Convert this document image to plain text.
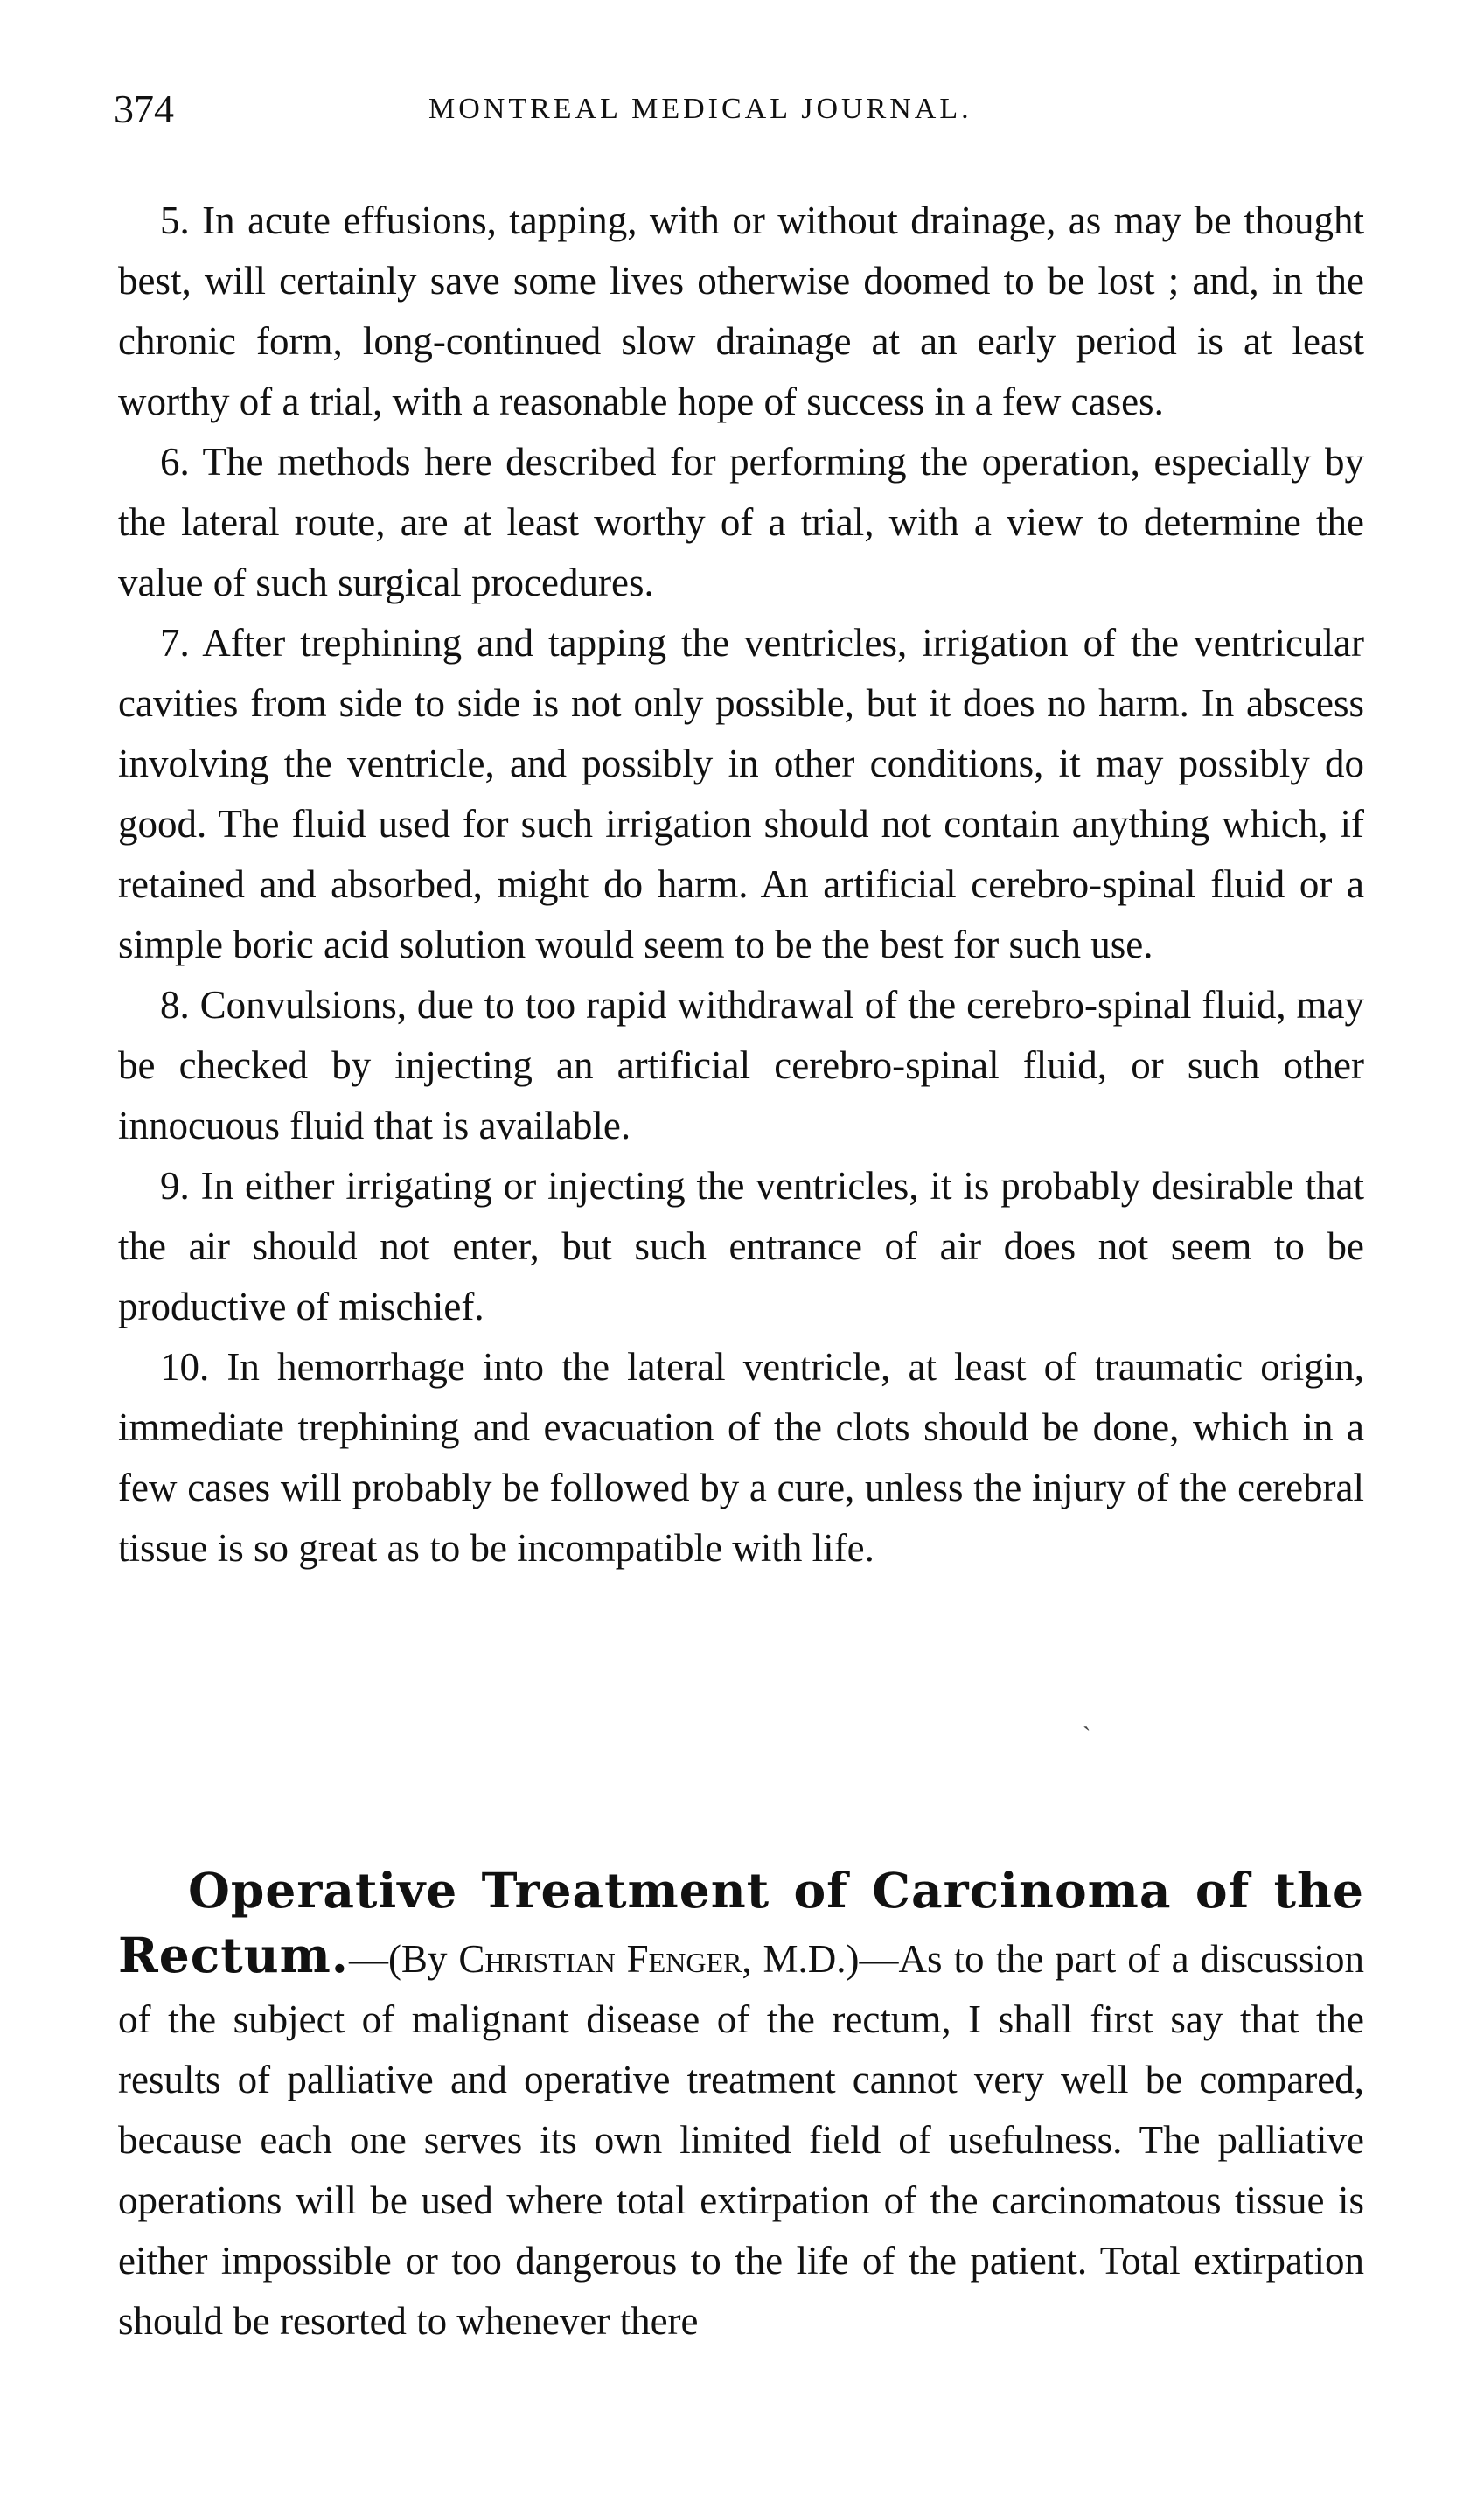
374	MONTREAL MEDICAL JOURNAL.

5. In acute effusions, tapping, with or without drainage, as may be thought best, will certainly save some lives otherwise doomed to be lost ; and, in the chronic form, long-continued slow drainage at an early period is at least worthy of a trial, with a reasonable hope of success in a few cases.

6. The methods here described for performing the operation, especially by the lateral route, are at least worthy of a trial, with a view to determine the value of such surgical procedures.

7. After trephining and tapping the ventricles, irrigation of the ventricular cavities from side to side is not only possible, but it does no harm. In abscess involving the ventricle, and possibly in other conditions, it may possibly do good. The fluid used for such irrigation should not contain anything which, if retained and absorbed, might do harm. An artificial cerebro-spinal fluid or a simple boric acid solution would seem to be the best for such use.

8. Convulsions, due to too rapid withdrawal of the cerebro-spinal fluid, may be checked by injecting an artificial cerebro-spinal fluid, or such other innocuous fluid that is available.

9. In either irrigating or injecting the ventricles, it is probably desirable that the air should not enter, but such entrance of air does not seem to be productive of mischief.

10. In hemorrhage into the lateral ventricle, at least of traumatic origin, immediate trephining and evacuation of the clots should be done, which in a few cases will probably be followed by a cure, unless the injury of the cerebral tissue is so great as to be incompatible with life.

`

Operative Treatment of Carcinoma of the Rectum.—(By Christian Fenger, M.D.)—As to the part of a discussion of the subject of malignant disease of the rectum, I shall first say that the results of palliative and operative treatment cannot very well be compared, because each one serves its own limited field of usefulness. The palliative operations will be used where total extirpation of the carcinomatous tissue is either impossible or too dangerous to the life of the patient. Total extirpation should be resorted to whenever there
